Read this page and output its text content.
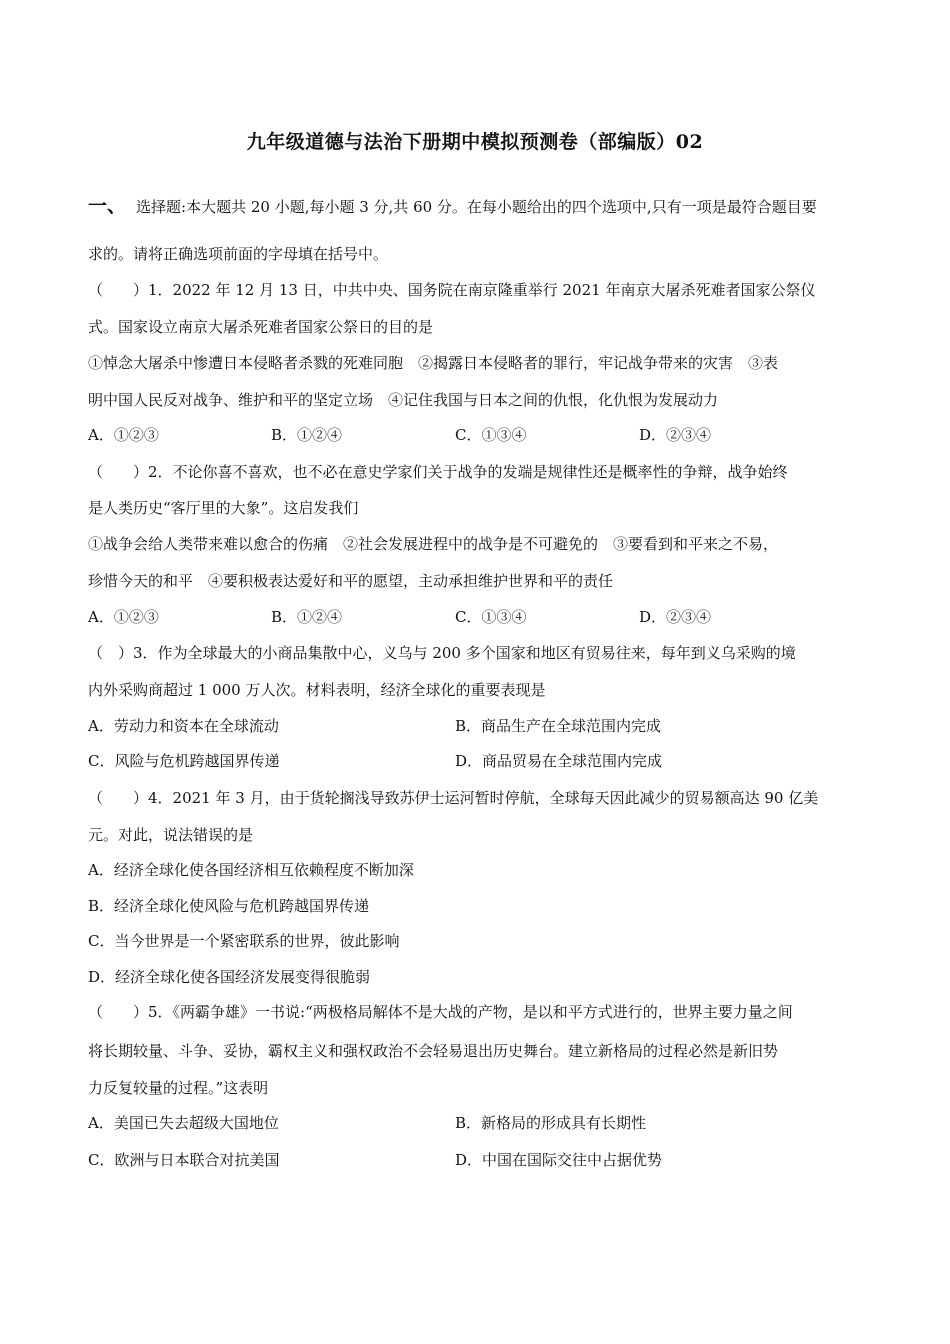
九年级道德与法治下册期中模拟预测卷（部编版）02
一、 选择题:本大题共 20 小题,每小题 3 分,共 60 分。在每小题给出的四个选项中,只有一项是最符合题目要
求的。请将正确选项前面的字母填在括号中。
（　　）1．2022 年 12 月 13 日，中共中央、国务院在南京隆重举行 2021 年南京大屠杀死难者国家公祭仪
式。国家设立南京大屠杀死难者国家公祭日的目的是
①悼念大屠杀中惨遭日本侵略者杀戮的死难同胞　②揭露日本侵略者的罪行，牢记战争带来的灾害　③表
明中国人民反对战争、维护和平的坚定立场　④记住我国与日本之间的仇恨，化仇恨为发展动力
A．①②③	B．①②④	C．①③④	D．②③④
（　　）2．不论你喜不喜欢，也不必在意史学家们关于战争的发端是规律性还是概率性的争辩，战争始终
是人类历史“客厅里的大象”。这启发我们
①战争会给人类带来难以愈合的伤痛　②社会发展进程中的战争是不可避免的　③要看到和平来之不易，
珍惜今天的和平　④要积极表达爱好和平的愿望，主动承担维护世界和平的责任
A．①②③	B．①②④	C．①③④	D．②③④
（　）3．作为全球最大的小商品集散中心，义乌与 200 多个国家和地区有贸易往来，每年到义乌采购的境
内外采购商超过 1 000 万人次。材料表明，经济全球化的重要表现是
A．劳动力和资本在全球流动	B．商品生产在全球范围内完成
C．风险与危机跨越国界传递	D．商品贸易在全球范围内完成
（　　）4．2021 年 3 月，由于货轮搁浅导致苏伊士运河暂时停航，全球每天因此减少的贸易额高达 90 亿美
元。对此，说法错误的是
A．经济全球化使各国经济相互依赖程度不断加深
B．经济全球化使风险与危机跨越国界传递
C．当今世界是一个紧密联系的世界，彼此影响
D．经济全球化使各国经济发展变得很脆弱
（　　）5．《两霸争雄》一书说:“两极格局解体不是大战的产物，是以和平方式进行的，世界主要力量之间
将长期较量、斗争、妥协，霸权主义和强权政治不会轻易退出历史舞台。建立新格局的过程必然是新旧势
力反复较量的过程。”这表明
A．美国已失去超级大国地位	B．新格局的形成具有长期性
C．欧洲与日本联合对抗美国	D．中国在国际交往中占据优势
